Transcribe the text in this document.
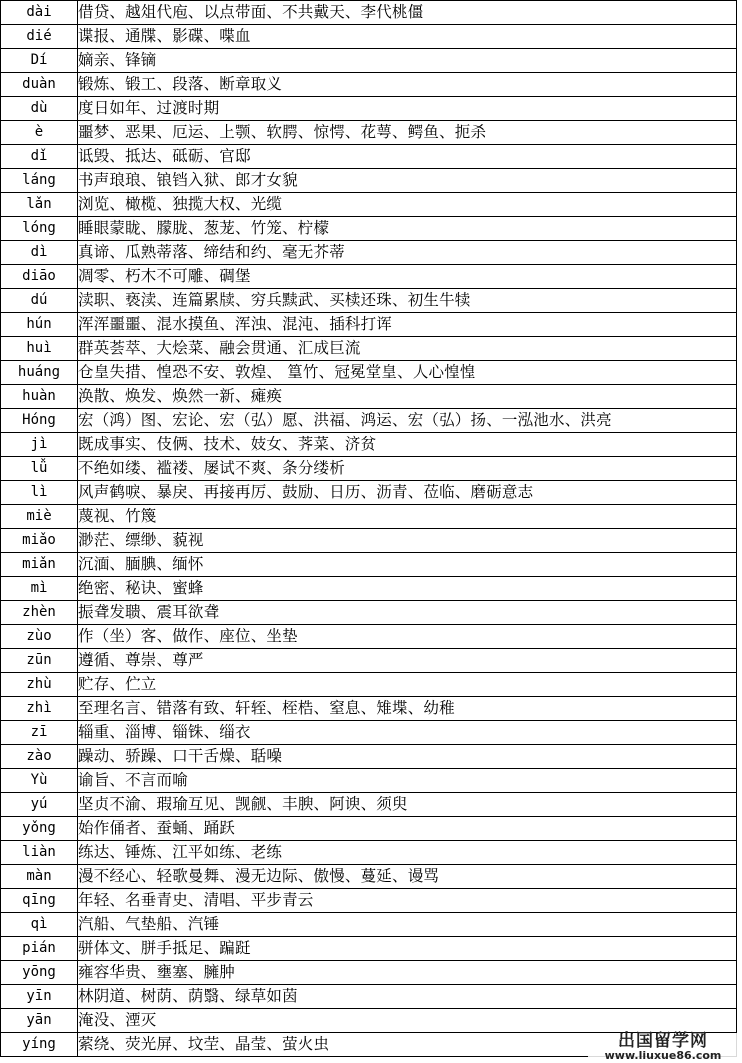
dài	借贷、越俎代庖、以点带面、不共戴天、李代桃僵
dié	谍报、通牒、影碟、喋血
Dí	嫡亲、锋镝
duàn	锻炼、锻工、段落、断章取义
dù	度日如年、过渡时期
è	噩梦、恶果、厄运、上颚、软腭、惊愕、花萼、鳄鱼、扼杀
dǐ	诋毁、抵达、砥砺、官邸
láng	书声琅琅、锒铛入狱、郎才女貌
lǎn	浏览、橄榄、独揽大权、光缆
lóng	睡眼蒙眬、朦胧、葱茏、竹笼、柠檬
dì	真谛、瓜熟蒂落、缔结和约、毫无芥蒂
diāo	凋零、朽木不可雕、碉堡
dú	渎职、亵渎、连篇累牍、穷兵黩武、买椟还珠、初生牛犊
hún	浑浑噩噩、混水摸鱼、浑浊、混沌、插科打诨
huì	群英荟萃、大烩菜、融会贯通、汇成巨流
huáng	仓皇失措、惶恐不安、敦煌、 篁竹、冠冕堂皇、人心惶惶
huàn	涣散、焕发、焕然一新、瘫痪
Hóng	宏（鸿）图、宏论、宏（弘）愿、洪福、鸿运、宏（弘）扬、一泓池水、洪亮
jì	既成事实、伎俩、技术、妓女、荠菜、济贫
lǚ	不绝如缕、褴褛、屡试不爽、条分缕析
lì	风声鹤唳、暴戾、再接再厉、鼓励、日历、沥青、莅临、磨砺意志
miè	蔑视、竹篾
miǎo	渺茫、缥缈、藐视
miǎn	沉湎、腼腆、缅怀
mì	绝密、秘诀、蜜蜂
zhèn	振聋发聩、震耳欲聋
zùo	作（坐）客、做作、座位、坐垫
zūn	遵循、尊崇、尊严
zhù	贮存、伫立
zhì	至理名言、错落有致、轩轾、桎梏、窒息、雉堞、幼稚
zī	辎重、淄博、锱铢、缁衣
zào	躁动、骄躁、口干舌燥、聒噪
Yù	谕旨、不言而喻
yú	坚贞不渝、瑕瑜互见、觊觎、丰腴、阿谀、须臾
yǒng	始作俑者、蚕蛹、踊跃
liàn	练达、锤炼、江平如练、老练
màn	漫不经心、轻歌曼舞、漫无边际、傲慢、蔓延、谩骂
qīng	年轻、名垂青史、清唱、平步青云
qì	汽船、气垫船、汽锤
pián	骈体文、胼手抵足、蹁跹
yōng	雍容华贵、壅塞、臃肿
yīn	林阴道、树荫、荫翳、绿草如茵
yān	淹没、湮灭
yíng	萦绕、荧光屏、坟茔、晶莹、萤火虫	出国留学网
www.liuxue86.com
